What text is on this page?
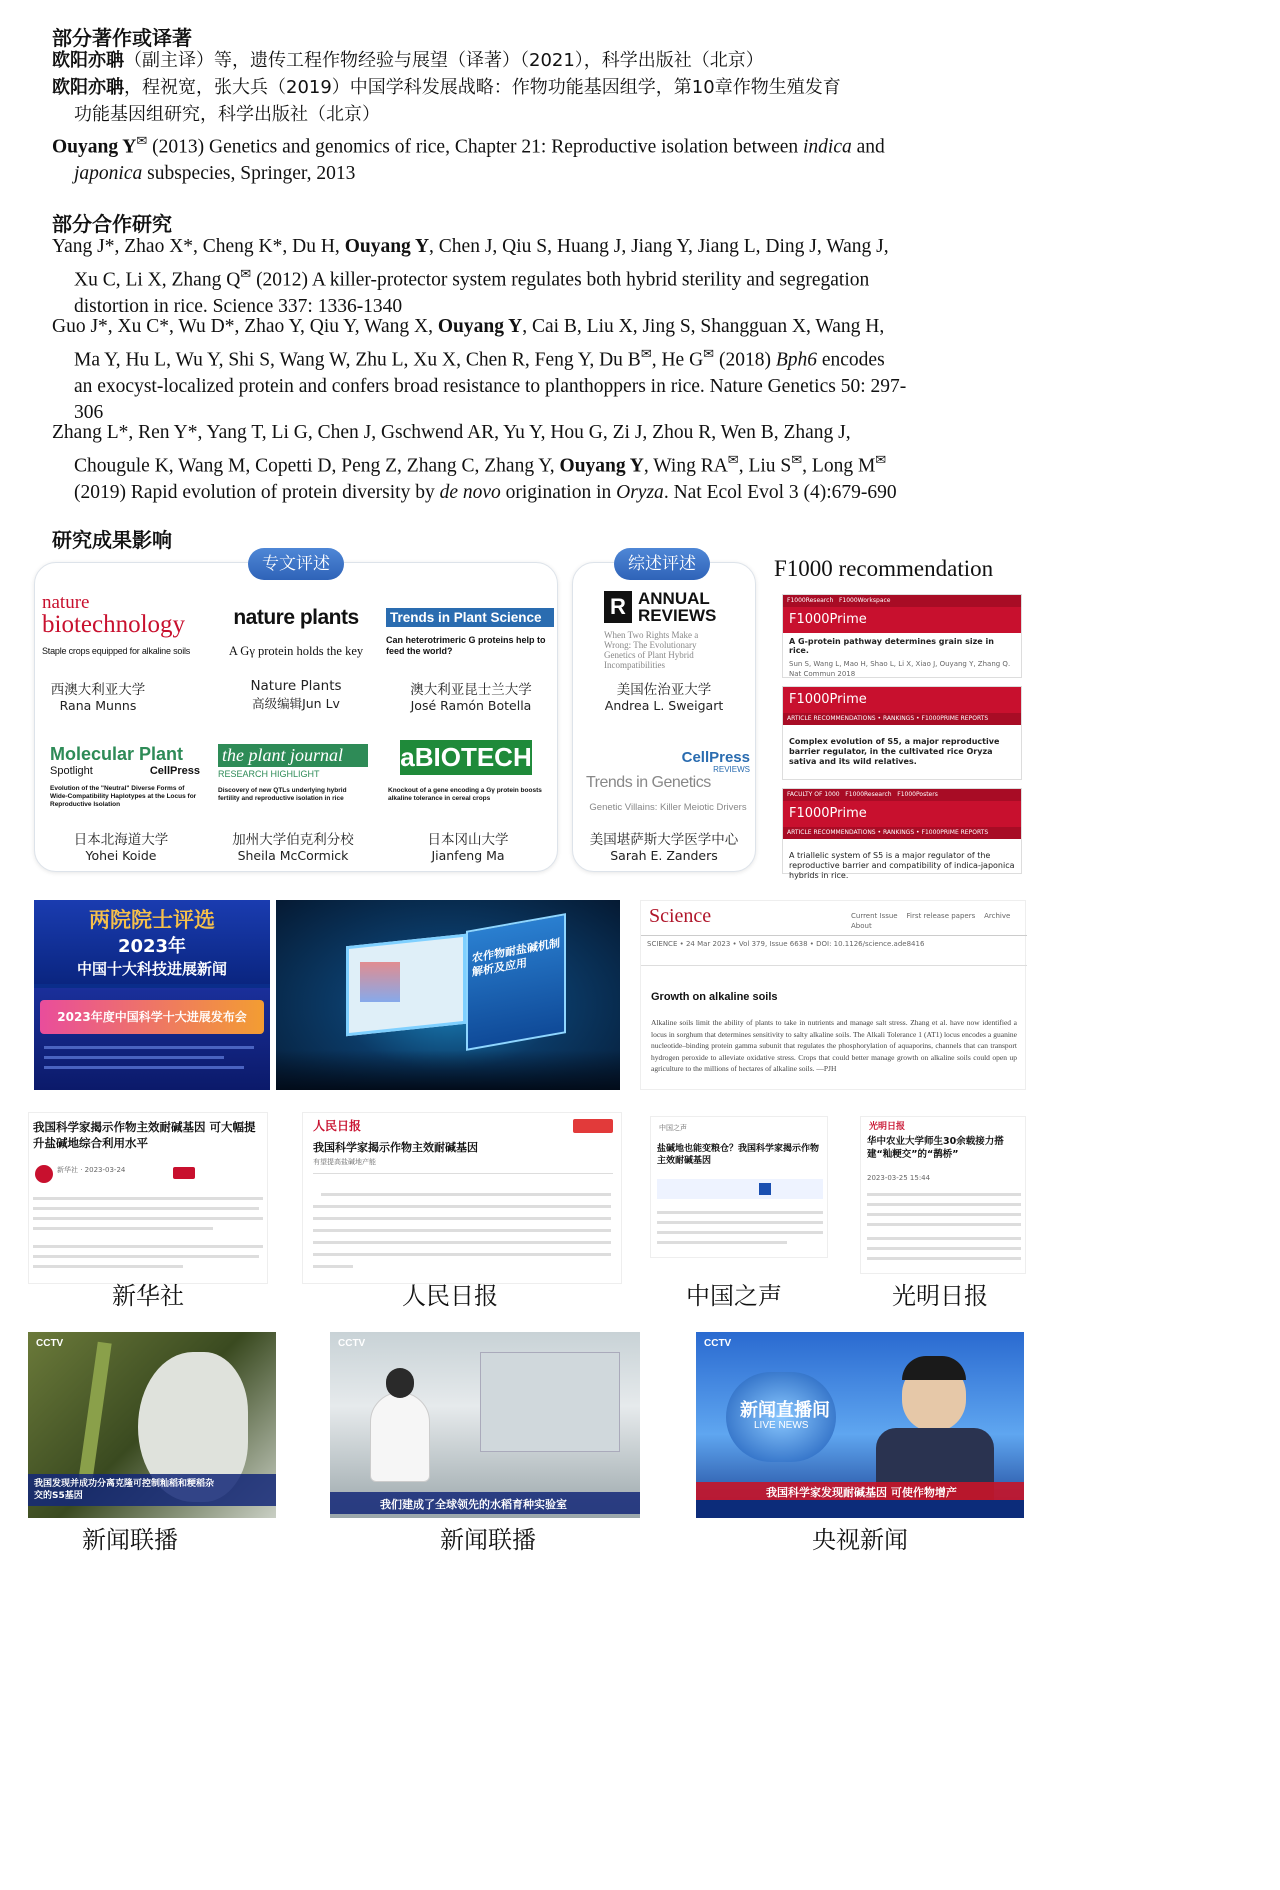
部分著作或译著
欧阳亦聃（副主译）等，遗传工程作物经验与展望（译著）（2021），科学出版社（北京）
欧阳亦聃，程祝宽，张大兵（2019）中国学科发展战略：作物功能基因组学，第10章作物生殖发育
功能基因组研究，科学出版社（北京）
Ouyang Y✉ (2013) Genetics and genomics of rice, Chapter 21: Reproductive isolation between indica and
japonica subspecies, Springer, 2013
部分合作研究
Yang J*, Zhao X*, Cheng K*, Du H, Ouyang Y, Chen J, Qiu S, Huang J, Jiang Y, Jiang L, Ding J, Wang J,
Xu C, Li X, Zhang Q✉ (2012) A killer-protector system regulates both hybrid sterility and segregation
distortion in rice. Science 337: 1336-1340
Guo J*, Xu C*, Wu D*, Zhao Y, Qiu Y, Wang X, Ouyang Y, Cai B, Liu X, Jing S, Shangguan X, Wang H,
Ma Y, Hu L, Wu Y, Shi S, Wang W, Zhu L, Xu X, Chen R, Feng Y, Du B✉, He G✉ (2018) Bph6 encodes
an exocyst-localized protein and confers broad resistance to planthoppers in rice. Nature Genetics 50: 297-
306
Zhang L*, Ren Y*, Yang T, Li G, Chen J, Gschwend AR, Yu Y, Hou G, Zi J, Zhou R, Wen B, Zhang J,
Chougule K, Wang M, Copetti D, Peng Z, Zhang C, Zhang Y, Ouyang Y, Wing RA✉, Liu S✉, Long M✉
(2019) Rapid evolution of protein diversity by de novo origination in Oryza. Nat Ecol Evol 3 (4):679-690
研究成果影响
专文评述
nature
biotechnology
Staple crops equipped for alkaline soils
西澳大利亚大学
Rana Munns
nature plants
A Gγ protein holds the key
Nature Plants
高级编辑Jun Lv
Trends in Plant Science
Can heterotrimeric G proteins help to feed the world?
澳大利亚昆士兰大学
José Ramón Botella
Molecular Plant
Spotlight	CellPress
Evolution of the "Neutral" Diverse Forms of Wide-Compatibility Haplotypes at the Locus for Reproductive Isolation
日本北海道大学
Yohei Koide
the plant journal
RESEARCH HIGHLIGHT
Discovery of new QTLs underlying hybrid fertility and reproductive isolation in rice
加州大学伯克利分校
Sheila McCormick
aBIOTECH
Knockout of a gene encoding a Gγ protein boosts alkaline tolerance in cereal crops
日本冈山大学
Jianfeng Ma
综述评述
R ANNUAL
REVIEWS
When Two Rights Make a Wrong: The Evolutionary Genetics of Plant Hybrid Incompatibilities
美国佐治亚大学
Andrea L. Sweigart
CellPress
REVIEWS
Trends in Genetics
Genetic Villains: Killer Meiotic Drivers
美国堪萨斯大学医学中心
Sarah E. Zanders
F1000 recommendation
F1000Research   F1000Workspace
F1000Prime
A G-protein pathway determines grain size in rice.
Sun S, Wang L, Mao H, Shao L, Li X, Xiao J, Ouyang Y, Zhang Q. Nat Commun 2018
F1000Prime
ARTICLE RECOMMENDATIONS • RANKINGS • F1000PRIME REPORTS
Complex evolution of S5, a major reproductive barrier regulator, in the cultivated rice Oryza sativa and its wild relatives.
FACULTY OF 1000   F1000Research   F1000Posters
F1000Prime
ARTICLE RECOMMENDATIONS • RANKINGS • F1000PRIME REPORTS
A triallelic system of S5 is a major regulator of the reproductive barrier and compatibility of indica-japonica hybrids in rice.
两院院士评选
2023年
中国十大科技进展新闻
2023年度中国科学十大进展发布会
农作物耐盐碱机制解析及应用
Science	Current Issue    First release papers    Archive    About
SCIENCE • 24 Mar 2023 • Vol 379, Issue 6638 • DOI: 10.1126/science.ade8416
Growth on alkaline soils
Alkaline soils limit the ability of plants to take in nutrients and manage salt stress. Zhang et al. have now identified a locus in sorghum that determines sensitivity to salty alkaline soils. The Alkali Tolerance 1 (AT1) locus encodes a guanine nucleotide–binding protein gamma subunit that regulates the phosphorylation of aquaporins, channels that can transport hydrogen peroxide to alleviate oxidative stress. Crops that could better manage growth on alkaline soils could open up agriculture to the millions of hectares of alkaline soils. —PJH
我国科学家揭示作物主效耐碱基因 可大幅提升盐碱地综合利用水平
新华社 · 2023-03-24
人民日报
我国科学家揭示作物主效耐碱基因
有望提高盐碱地产能
中国之声
盐碱地也能变粮仓？我国科学家揭示作物主效耐碱基因
光明日报
华中农业大学师生30余载接力搭建“籼粳交”的“鹊桥”
2023-03-25 15:44
新华社	人民日报	中国之声	光明日报
CCTV
我国发现并成功分离克隆可控制籼稻和粳稻杂交的S5基因
CCTV
我们建成了全球领先的水稻育种实验室
新闻直播间
LIVE NEWS
CCTV
我国科学家发现耐碱基因 可使作物增产
新闻联播	新闻联播	央视新闻
